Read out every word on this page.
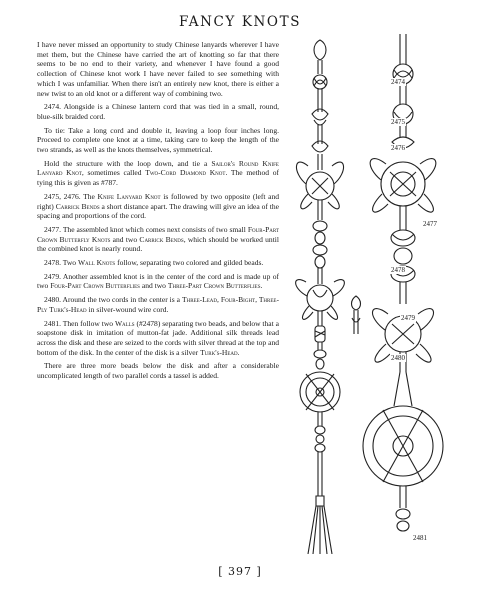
FANCY KNOTS

I have never missed an opportunity to study Chinese lanyards wherever I have met them, but the Chinese have carried the art of knotting so far that there seems to be no end to their variety, and whenever I have found a good collection of Chinese knot work I have never failed to see something with which I was unfamiliar. When there isn't an entirely new knot, there is either a new twist to an old knot or a different way of combining two.

2474. Alongside is a Chinese lantern cord that was tied in a small, round, blue-silk braided cord.

To tie: Take a long cord and double it, leaving a loop four inches long. Proceed to complete one knot at a time, taking care to keep the length of the two strands, as well as the knots themselves, symmetrical.

Hold the structure with the loop down, and tie a Sailor's Round Knife Lanyard Knot, sometimes called Two-Cord Diamond Knot. The method of tying this is given as #787.

2475, 2476. The Knife Lanyard Knot is followed by two opposite (left and right) Carrick Bends a short distance apart. The drawing will give an idea of the spacing and proportions of the cord.

2477. The assembled knot which comes next consists of two small Four-Part Crown Butterfly Knots and two Carrick Bends, which should be worked until the combined knot is nearly round.

2478. Two Wall Knots follow, separating two colored and gilded beads.

2479. Another assembled knot is in the center of the cord and is made up of two Four-Part Crown Butterflies and two Three-Part Crown Butterflies.

2480. Around the two cords in the center is a Three-Lead, Four-Bight, Three-Ply Turk's-Head in silver-wound wire cord.

2481. Then follow two Walls (#2478) separating two beads, and below that a soapstone disk in imitation of mutton-fat jade. Additional silk threads lead across the disk and these are seized to the cords with silver thread at the top and bottom of the disk. In the center of the disk is a silver Turk's-Head.

There are three more beads below the disk and after a considerable uncomplicated length of two parallel cords a tassel is added.

2474
2475
2476
2477
2478
2479
2480
2481
[ 397 ]
